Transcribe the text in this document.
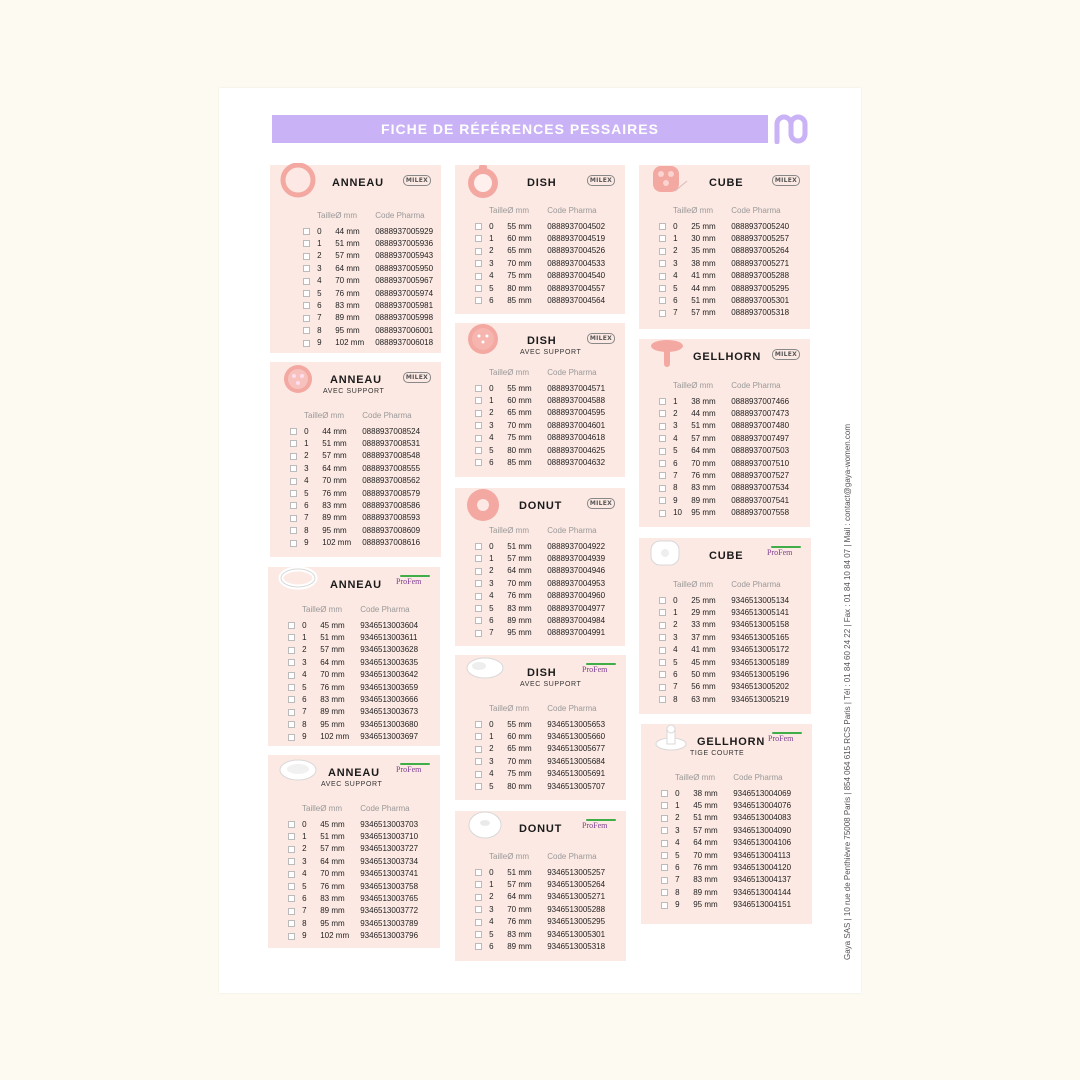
FICHE DE RÉFÉRENCES PESSAIRES
Gaya SAS | 10 rue de Penthièvre 75008 Paris | 854 064 615 RCS Paris | Tél : 01 84 60 24 22 | Fax : 01 84 10 84 07 | Mail : contact@gaya-women.com
ANNEAU	MILEX
Taille		Ø mm	Code Pharma
	0	44 mm	0888937005929
	1	51 mm	0888937005936
	2	57 mm	0888937005943
	3	64 mm	0888937005950
	4	70 mm	0888937005967
	5	76 mm	0888937005974
	6	83 mm	0888937005981
	7	89 mm	0888937005998
	8	95 mm	0888937006001
	9	102 mm	0888937006018
ANNEAU
AVEC SUPPORT
MILEX
Taille		Ø mm	Code Pharma
	0	44 mm	0888937008524
	1	51 mm	0888937008531
	2	57 mm	0888937008548
	3	64 mm	0888937008555
	4	70 mm	0888937008562
	5	76 mm	0888937008579
	6	83 mm	0888937008586
	7	89 mm	0888937008593
	8	95 mm	0888937008609
	9	102 mm	0888937008616
ANNEAU ProFem
Taille		Ø mm	Code Pharma
	0	45 mm	9346513003604
	1	51 mm	9346513003611
	2	57 mm	9346513003628
	3	64 mm	9346513003635
	4	70 mm	9346513003642
	5	76 mm	9346513003659
	6	83 mm	9346513003666
	7	89 mm	9346513003673
	8	95 mm	9346513003680
	9	102 mm	9346513003697
ANNEAU
AVEC SUPPORT
ProFem
Taille		Ø mm	Code Pharma
	0	45 mm	9346513003703
	1	51 mm	9346513003710
	2	57 mm	9346513003727
	3	64 mm	9346513003734
	4	70 mm	9346513003741
	5	76 mm	9346513003758
	6	83 mm	9346513003765
	7	89 mm	9346513003772
	8	95 mm	9346513003789
	9	102 mm	9346513003796
DISH	MILEX
Taille		Ø mm	Code Pharma
	0	55 mm	0888937004502
	1	60 mm	0888937004519
	2	65 mm	0888937004526
	3	70 mm	0888937004533
	4	75 mm	0888937004540
	5	80 mm	0888937004557
	6	85 mm	0888937004564
DISH
AVEC SUPPORT
MILEX
Taille		Ø mm	Code Pharma
	0	55 mm	0888937004571
	1	60 mm	0888937004588
	2	65 mm	0888937004595
	3	70 mm	0888937004601
	4	75 mm	0888937004618
	5	80 mm	0888937004625
	6	85 mm	0888937004632
DONUT	MILEX
Taille		Ø mm	Code Pharma
	0	51 mm	0888937004922
	1	57 mm	0888937004939
	2	64 mm	0888937004946
	3	70 mm	0888937004953
	4	76 mm	0888937004960
	5	83 mm	0888937004977
	6	89 mm	0888937004984
	7	95 mm	0888937004991
DISH
AVEC SUPPORT
ProFem
Taille		Ø mm	Code Pharma
	0	55 mm	9346513005653
	1	60 mm	9346513005660
	2	65 mm	9346513005677
	3	70 mm	9346513005684
	4	75 mm	9346513005691
	5	80 mm	9346513005707
DONUT ProFem
Taille		Ø mm	Code Pharma
	0	51 mm	9346513005257
	1	57 mm	9346513005264
	2	64 mm	9346513005271
	3	70 mm	9346513005288
	4	76 mm	9346513005295
	5	83 mm	9346513005301
	6	89 mm	9346513005318
CUBE	MILEX
Taille		Ø mm	Code Pharma
	0	25 mm	0888937005240
	1	30 mm	0888937005257
	2	35 mm	0888937005264
	3	38 mm	0888937005271
	4	41 mm	0888937005288
	5	44 mm	0888937005295
	6	51 mm	0888937005301
	7	57 mm	0888937005318
GELLHORN	MILEX
Taille		Ø mm	Code Pharma
	1	38 mm	0888937007466
	2	44 mm	0888937007473
	3	51 mm	0888937007480
	4	57 mm	0888937007497
	5	64 mm	0888937007503
	6	70 mm	0888937007510
	7	76 mm	0888937007527
	8	83 mm	0888937007534
	9	89 mm	0888937007541
	10	95 mm	0888937007558
CUBE	ProFem
Taille		Ø mm	Code Pharma
	0	25 mm	9346513005134
	1	29 mm	9346513005141
	2	33 mm	9346513005158
	3	37 mm	9346513005165
	4	41 mm	9346513005172
	5	45 mm	9346513005189
	6	50 mm	9346513005196
	7	56 mm	9346513005202
	8	63 mm	9346513005219
GELLHORN
TIGE COURTE
ProFem
Taille		Ø mm	Code Pharma
	0	38 mm	9346513004069
	1	45 mm	9346513004076
	2	51 mm	9346513004083
	3	57 mm	9346513004090
	4	64 mm	9346513004106
	5	70 mm	9346513004113
	6	76 mm	9346513004120
	7	83 mm	9346513004137
	8	89 mm	9346513004144
	9	95 mm	9346513004151
